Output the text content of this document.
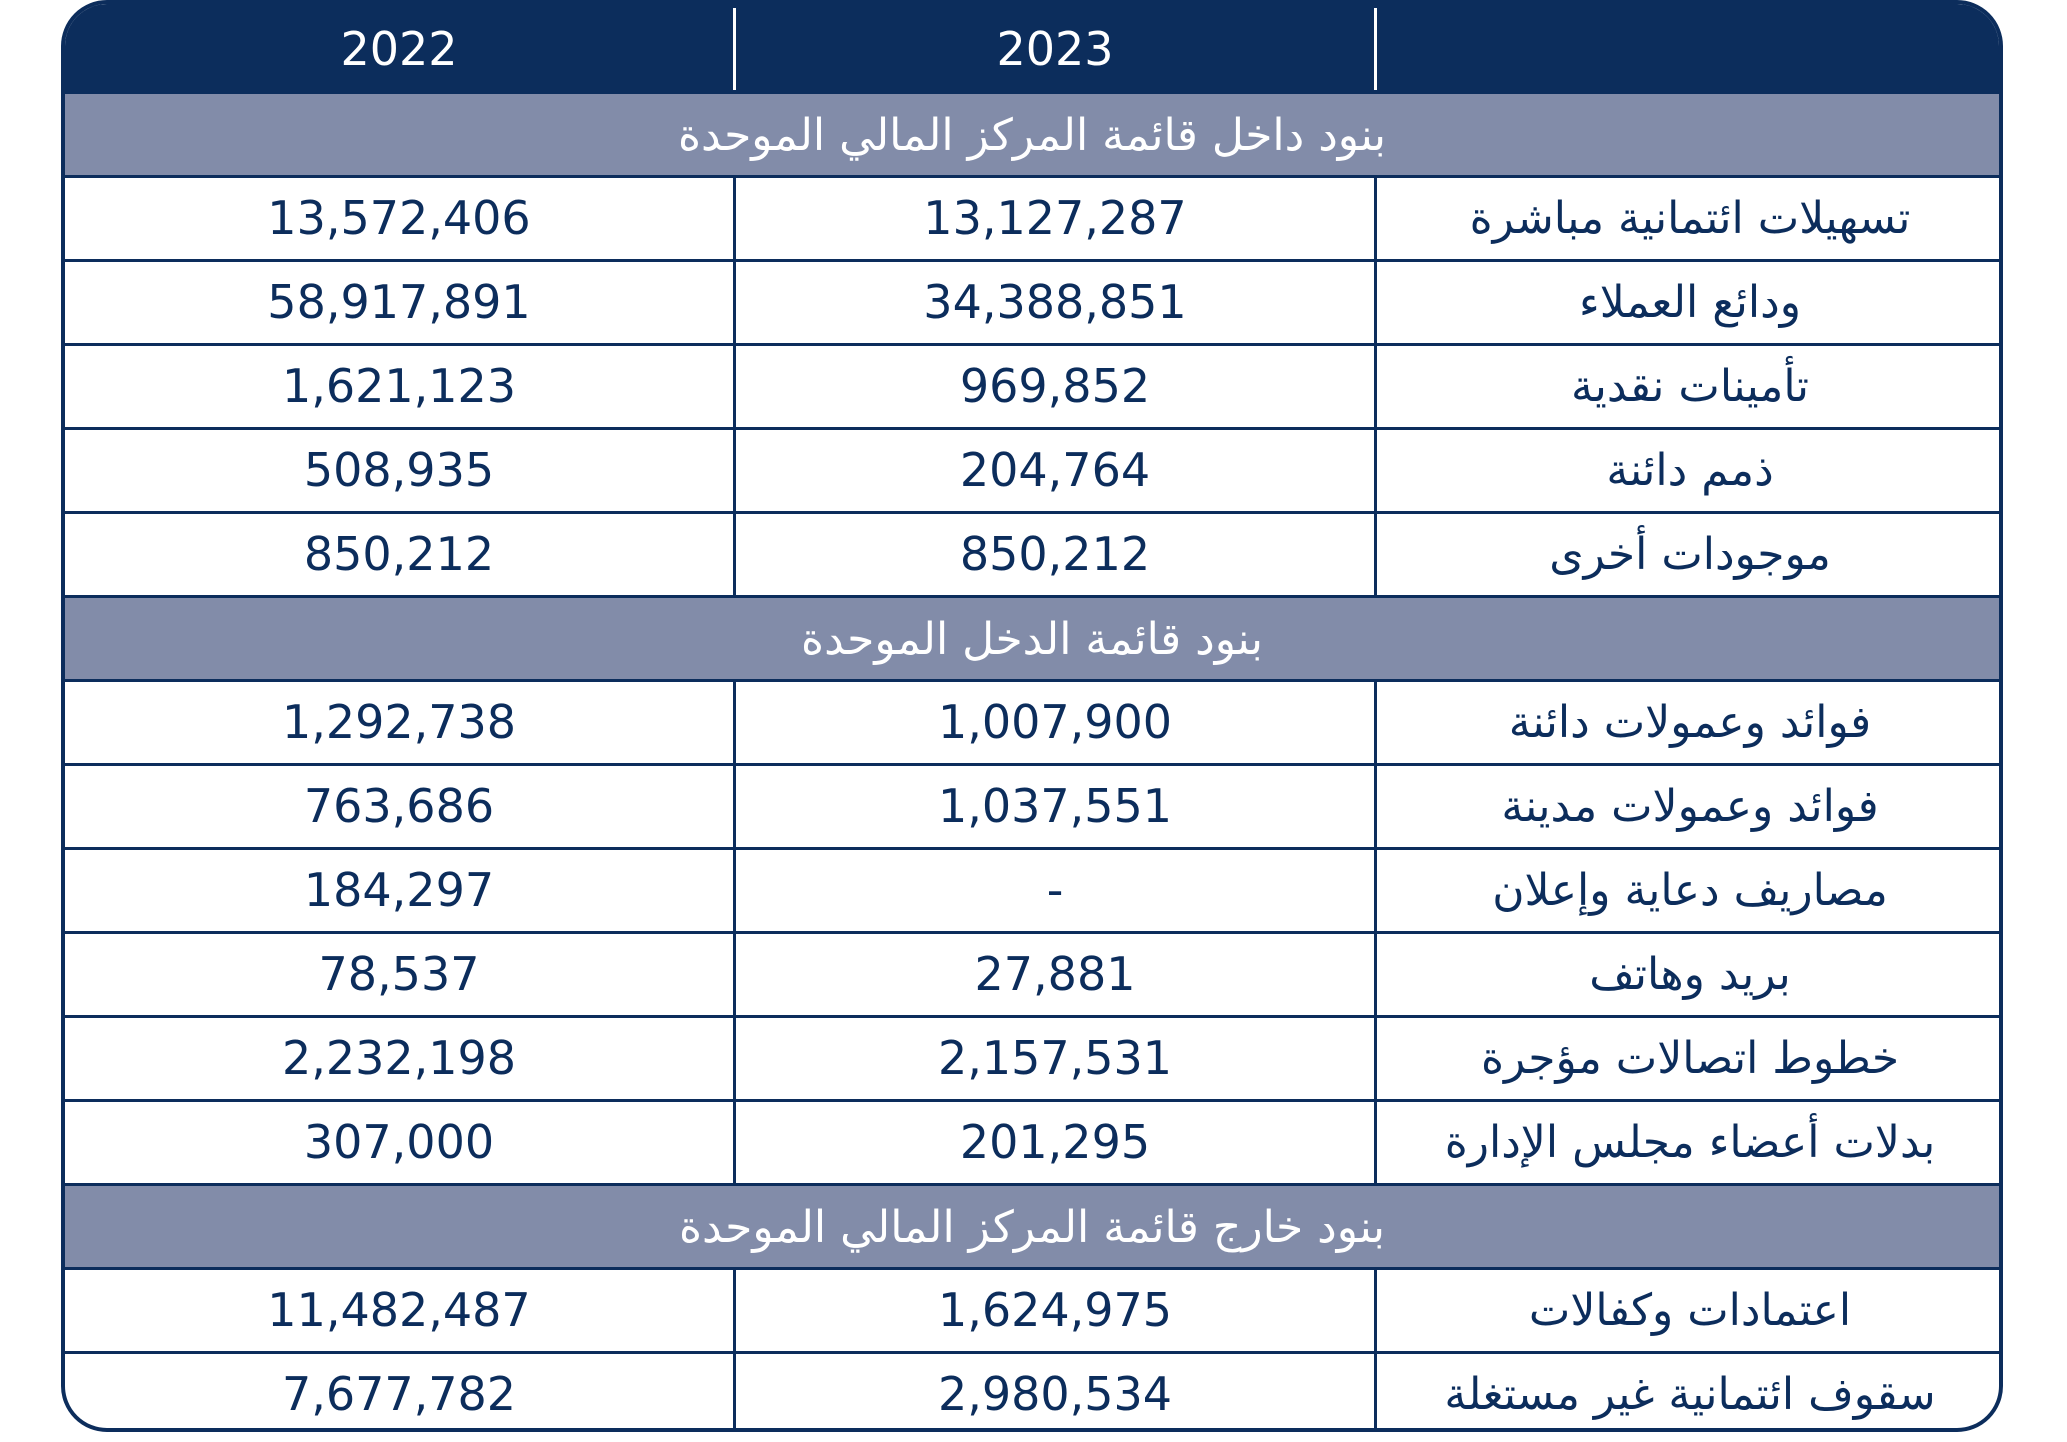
2022	2023
بنود داخل قائمة المركز المالي الموحدة
13,572,406	13,127,287	تسهيلات ائتمانية مباشرة
58,917,891	34,388,851	ودائع العملاء
1,621,123	969,852	تأمينات نقدية
508,935	204,764	ذمم دائنة
850,212	850,212	موجودات أخرى
بنود قائمة الدخل الموحدة
1,292,738	1,007,900	فوائد وعمولات دائنة
763,686	1,037,551	فوائد وعمولات مدينة
184,297	-	مصاريف دعاية وإعلان
78,537	27,881	بريد وهاتف
2,232,198	2,157,531	خطوط اتصالات مؤجرة
307,000	201,295	بدلات أعضاء مجلس الإدارة
بنود خارج قائمة المركز المالي الموحدة
11,482,487	1,624,975	اعتمادات وكفالات
7,677,782	2,980,534	سقوف ائتمانية غير مستغلة
